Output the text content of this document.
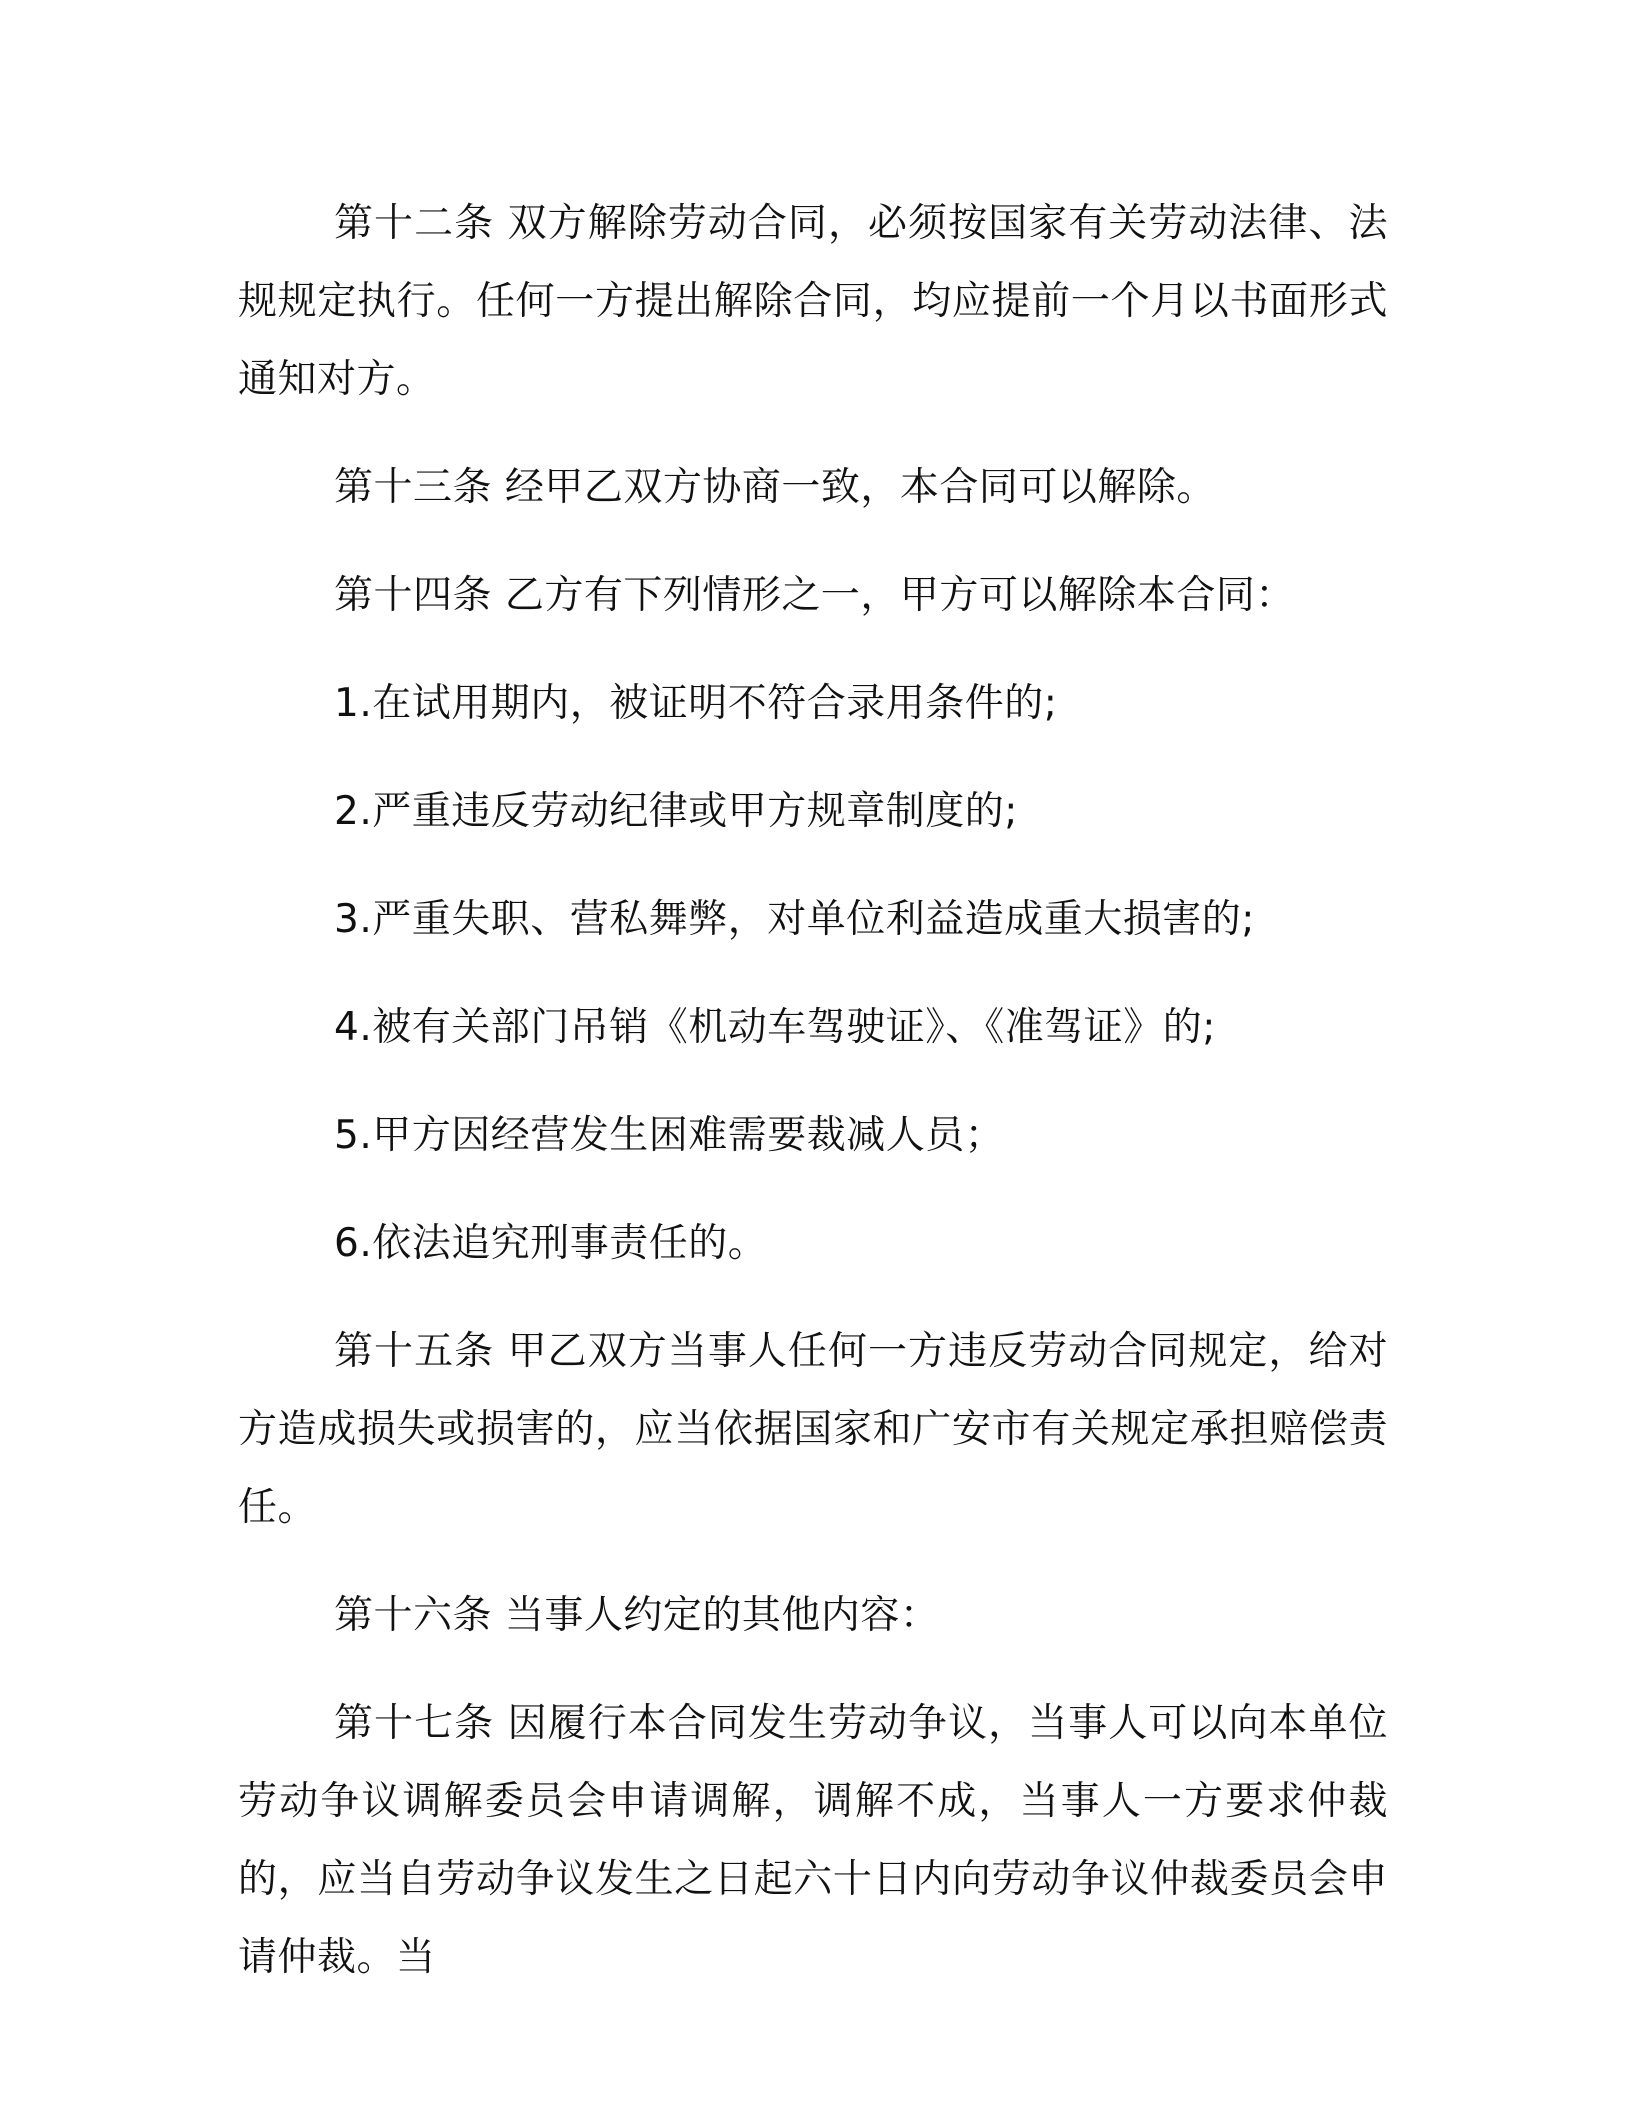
第十二条 双方解除劳动合同，必须按国家有关劳动法律、法规规定执行。任何一方提出解除合同，均应提前一个月以书面形式通知对方。

第十三条 经甲乙双方协商一致，本合同可以解除。

第十四条 乙方有下列情形之一，甲方可以解除本合同：

1.在试用期内，被证明不符合录用条件的;

2.严重违反劳动纪律或甲方规章制度的;

3.严重失职、营私舞弊，对单位利益造成重大损害的;

4.被有关部门吊销《机动车驾驶证》、《准驾证》的;

5.甲方因经营发生困难需要裁减人员；

6.依法追究刑事责任的。

第十五条 甲乙双方当事人任何一方违反劳动合同规定，给对方造成损失或损害的，应当依据国家和广安市有关规定承担赔偿责任。

第十六条 当事人约定的其他内容：

第十七条 因履行本合同发生劳动争议，当事人可以向本单位劳动争议调解委员会申请调解，调解不成，当事人一方要求仲裁的，应当自劳动争议发生之日起六十日内向劳动争议仲裁委员会申请仲裁。当
